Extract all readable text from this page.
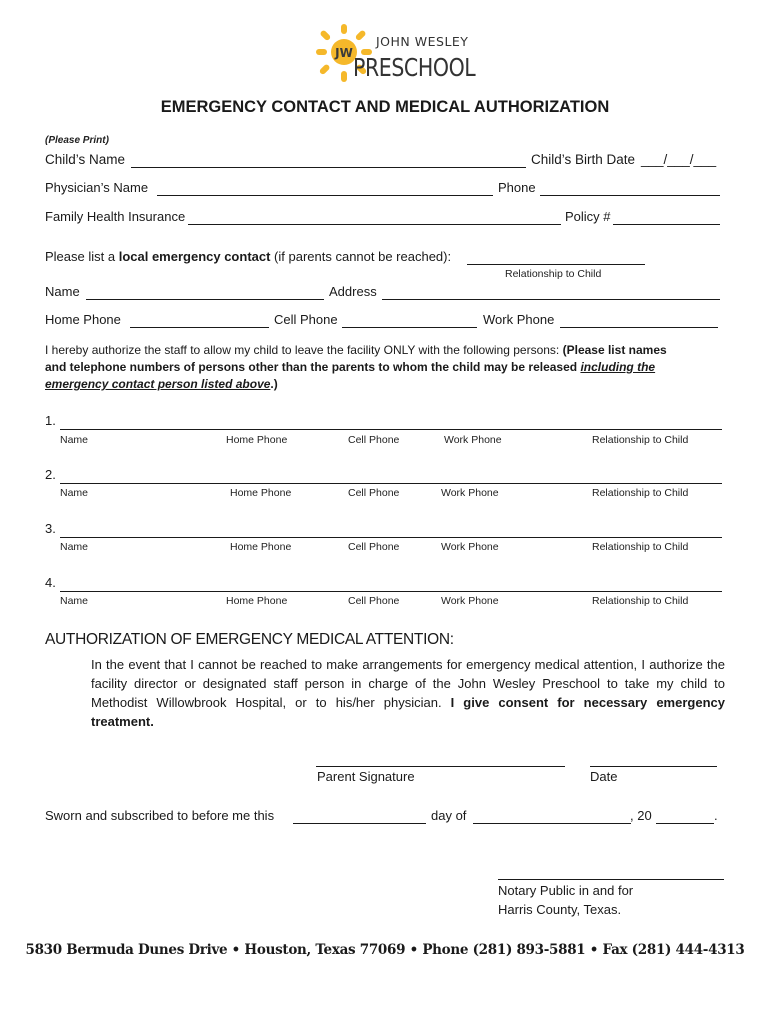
JW
JOHN WESLEY
PRESCHOOL
EMERGENCY CONTACT AND MEDICAL AUTHORIZATION
(Please Print)
Child’s Name	Child’s Birth Date ___/___/___
Physician’s Name	Phone
Family Health Insurance	Policy #
Please list a local emergency contact (if parents cannot be reached):
Relationship to Child
Name	Address
Home Phone	Cell Phone	Work Phone
I hereby authorize the staff to allow my child to leave the facility ONLY with the following persons: (Please list names
and telephone numbers of persons other than the parents to whom the child may be released including the
emergency contact person listed above.)
1.
Name	Home Phone	Cell Phone	Work Phone	Relationship to Child
2.
Name	Home Phone	Cell Phone	Work Phone	Relationship to Child
3.
Name	Home Phone	Cell Phone	Work Phone	Relationship to Child
4.
Name	Home Phone	Cell Phone	Work Phone	Relationship to Child
AUTHORIZATION OF EMERGENCY MEDICAL ATTENTION:
In the event that I cannot be reached to make arrangements for emergency medical attention, I authorize the facility director or designated staff person in charge of the John Wesley Preschool to take my child to Methodist Willowbrook Hospital, or to his/her physician. I give consent for necessary emergency treatment.
Parent Signature	Date
Sworn and subscribed to before me this	day of	, 20	.
Notary Public in and for
Harris County, Texas.
5830 Bermuda Dunes Drive • Houston, Texas 77069 • Phone (281) 893-5881 • Fax (281) 444-4313
